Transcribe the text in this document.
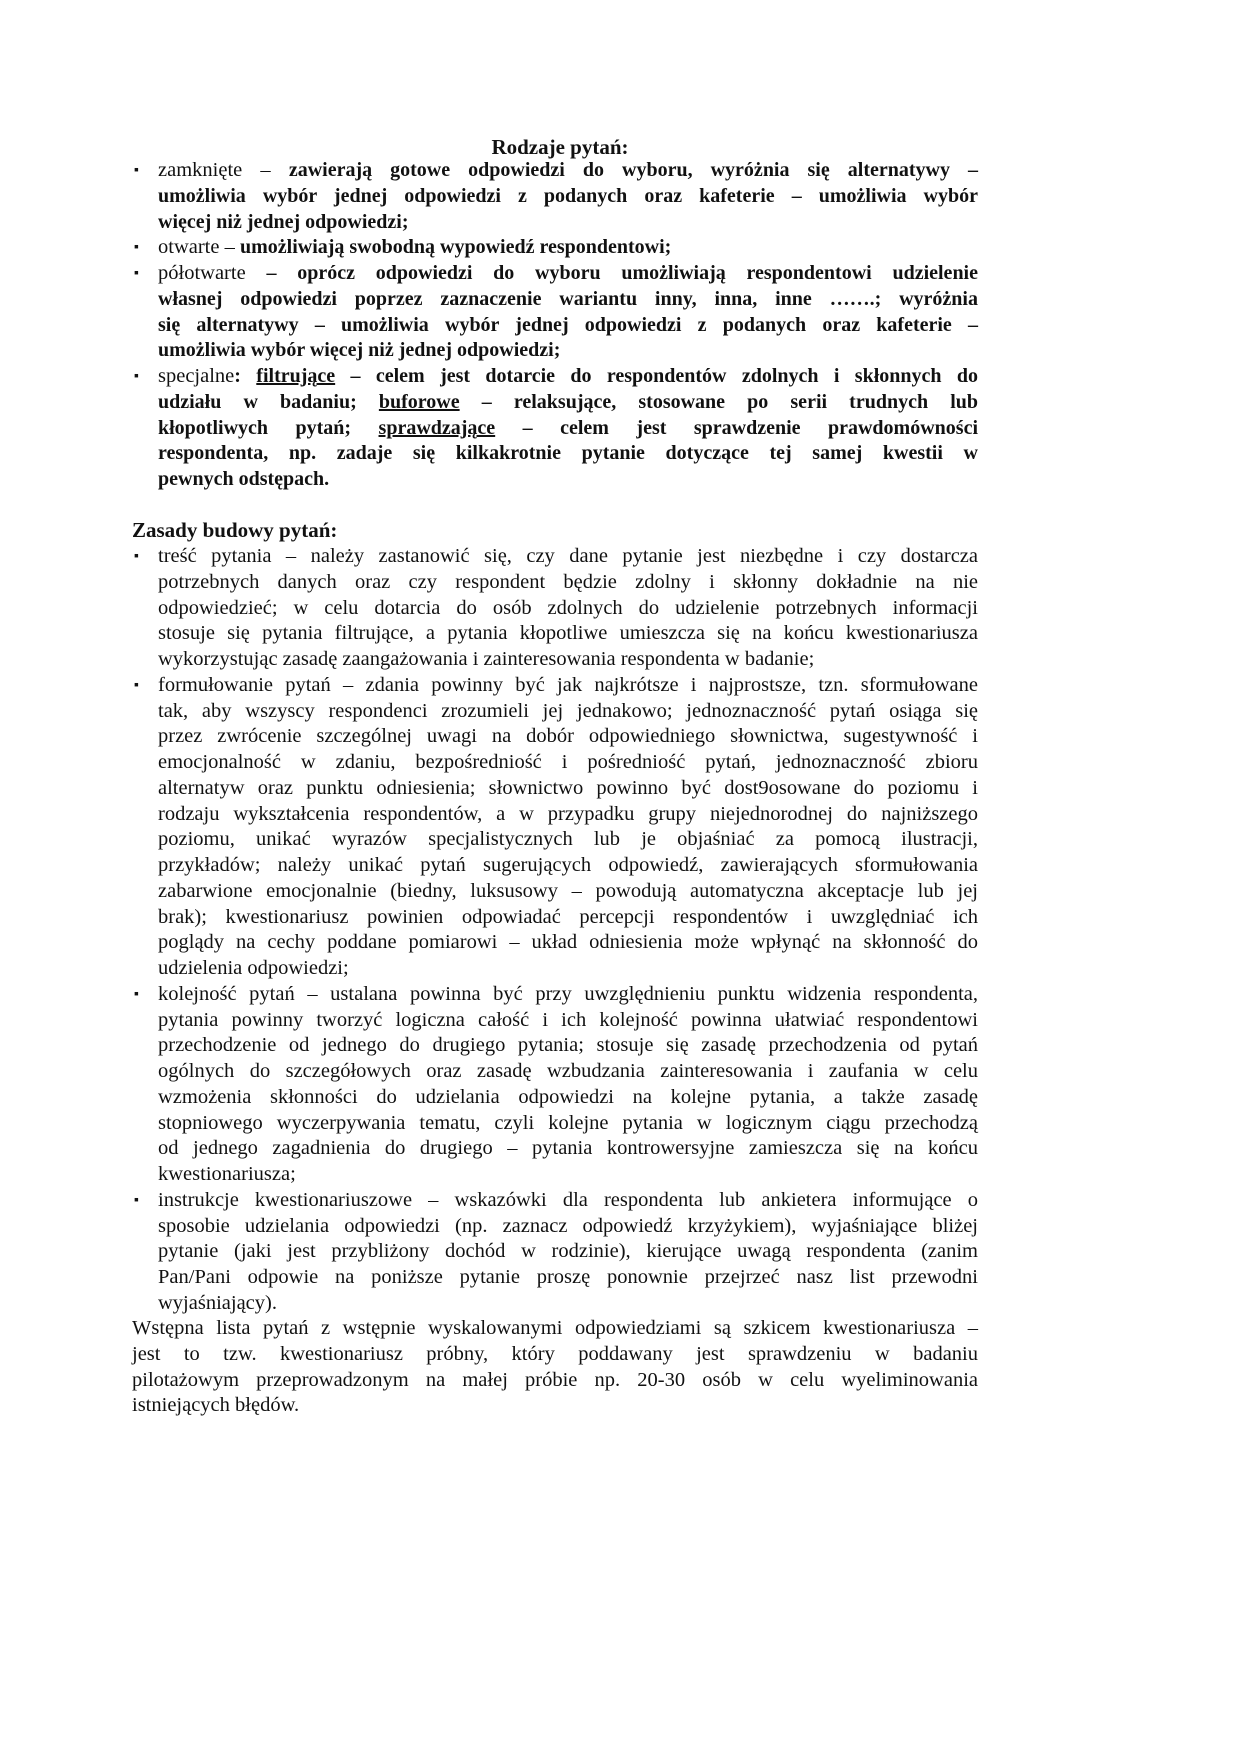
Rodzaje pytań:
▪ zamknięte – zawierają gotowe odpowiedzi do wyboru, wyróżnia się alternatywy –
umożliwia wybór jednej odpowiedzi z podanych oraz kafeterie – umożliwia wybór
więcej niż jednej odpowiedzi;
▪ otwarte – umożliwiają swobodną wypowiedź respondentowi;
▪ półotwarte – oprócz odpowiedzi do wyboru umożliwiają respondentowi udzielenie
własnej odpowiedzi poprzez zaznaczenie wariantu inny, inna, inne …….; wyróżnia
się alternatywy – umożliwia wybór jednej odpowiedzi z podanych oraz kafeterie –
umożliwia wybór więcej niż jednej odpowiedzi;
▪ specjalne: filtrujące – celem jest dotarcie do respondentów zdolnych i skłonnych do
udziału w badaniu; buforowe – relaksujące, stosowane po serii trudnych lub
kłopotliwych pytań; sprawdzające – celem jest sprawdzenie prawdomówności
respondenta, np. zadaje się kilkakrotnie pytanie dotyczące tej samej kwestii w
pewnych odstępach.
Zasady budowy pytań:
▪ treść pytania – należy zastanowić się, czy dane pytanie jest niezbędne i czy dostarcza
potrzebnych danych oraz czy respondent będzie zdolny i skłonny dokładnie na nie
odpowiedzieć; w celu dotarcia do osób zdolnych do udzielenie potrzebnych informacji
stosuje się pytania filtrujące, a pytania kłopotliwe umieszcza się na końcu kwestionariusza
wykorzystując zasadę zaangażowania i zainteresowania respondenta w badanie;
▪ formułowanie pytań – zdania powinny być jak najkrótsze i najprostsze, tzn. sformułowane
tak, aby wszyscy respondenci zrozumieli jej jednakowo; jednoznaczność pytań osiąga się
przez zwrócenie szczególnej uwagi na dobór odpowiedniego słownictwa, sugestywność i
emocjonalność w zdaniu, bezpośredniość i pośredniość pytań, jednoznaczność zbioru
alternatyw oraz punktu odniesienia; słownictwo powinno być dost9osowane do poziomu i
rodzaju wykształcenia respondentów, a w przypadku grupy niejednorodnej do najniższego
poziomu, unikać wyrazów specjalistycznych lub je objaśniać za pomocą ilustracji,
przykładów; należy unikać pytań sugerujących odpowiedź, zawierających sformułowania
zabarwione emocjonalnie (biedny, luksusowy – powodują automatyczna akceptacje lub jej
brak); kwestionariusz powinien odpowiadać percepcji respondentów i uwzględniać ich
poglądy na cechy poddane pomiarowi – układ odniesienia może wpłynąć na skłonność do
udzielenia odpowiedzi;
▪ kolejność pytań – ustalana powinna być przy uwzględnieniu punktu widzenia respondenta,
pytania powinny tworzyć logiczna całość i ich kolejność powinna ułatwiać respondentowi
przechodzenie od jednego do drugiego pytania; stosuje się zasadę przechodzenia od pytań
ogólnych do szczegółowych oraz zasadę wzbudzania zainteresowania i zaufania w celu
wzmożenia skłonności do udzielania odpowiedzi na kolejne pytania, a także zasadę
stopniowego wyczerpywania tematu, czyli kolejne pytania w logicznym ciągu przechodzą
od jednego zagadnienia do drugiego – pytania kontrowersyjne zamieszcza się na końcu
kwestionariusza;
▪ instrukcje kwestionariuszowe – wskazówki dla respondenta lub ankietera informujące o
sposobie udzielania odpowiedzi (np. zaznacz odpowiedź krzyżykiem), wyjaśniające bliżej
pytanie (jaki jest przybliżony dochód w rodzinie), kierujące uwagą respondenta (zanim
Pan/Pani odpowie na poniższe pytanie proszę ponownie przejrzeć nasz list przewodni
wyjaśniający).
Wstępna lista pytań z wstępnie wyskalowanymi odpowiedziami są szkicem kwestionariusza –
jest to tzw. kwestionariusz próbny, który poddawany jest sprawdzeniu w badaniu
pilotażowym przeprowadzonym na małej próbie np. 20-30 osób w celu wyeliminowania
istniejących błędów.
